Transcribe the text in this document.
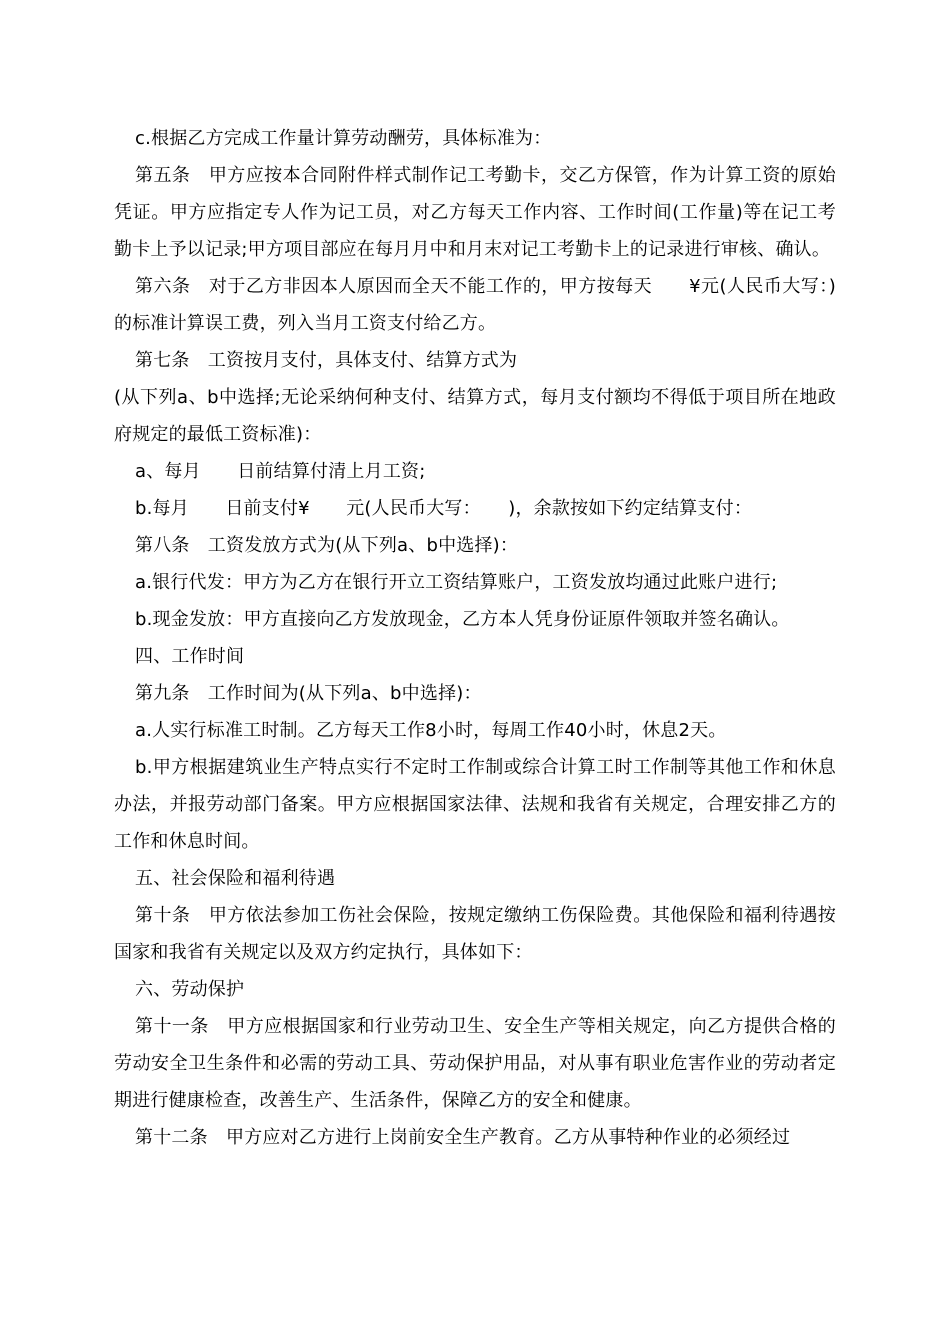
c.根据乙方完成工作量计算劳动酬劳，具体标准为：

第五条　甲方应按本合同附件样式制作记工考勤卡，交乙方保管，作为计算工资的原始凭证。甲方应指定专人作为记工员，对乙方每天工作内容、工作时间(工作量)等在记工考勤卡上予以记录;甲方项目部应在每月月中和月末对记工考勤卡上的记录进行审核、确认。

第六条　对于乙方非因本人原因而全天不能工作的，甲方按每天　　¥元(人民币大写：)的标准计算误工费，列入当月工资支付给乙方。

第七条　工资按月支付，具体支付、结算方式为

(从下列a、b中选择;无论采纳何种支付、结算方式，每月支付额均不得低于项目所在地政府规定的最低工资标准)：

a、每月　　日前结算付清上月工资;

b.每月　　日前支付¥　　元(人民币大写：　　)，余款按如下约定结算支付：

第八条　工资发放方式为(从下列a、b中选择)：

a.银行代发：甲方为乙方在银行开立工资结算账户，工资发放均通过此账户进行;

b.现金发放：甲方直接向乙方发放现金，乙方本人凭身份证原件领取并签名确认。

四、工作时间

第九条　工作时间为(从下列a、b中选择)：

a.人实行标准工时制。乙方每天工作8小时，每周工作40小时，休息2天。

b.甲方根据建筑业生产特点实行不定时工作制或综合计算工时工作制等其他工作和休息办法，并报劳动部门备案。甲方应根据国家法律、法规和我省有关规定，合理安排乙方的工作和休息时间。

五、社会保险和福利待遇

第十条　甲方依法参加工伤社会保险，按规定缴纳工伤保险费。其他保险和福利待遇按国家和我省有关规定以及双方约定执行，具体如下：

六、劳动保护

第十一条　甲方应根据国家和行业劳动卫生、安全生产等相关规定，向乙方提供合格的劳动安全卫生条件和必需的劳动工具、劳动保护用品，对从事有职业危害作业的劳动者定期进行健康检查，改善生产、生活条件，保障乙方的安全和健康。

第十二条　甲方应对乙方进行上岗前安全生产教育。乙方从事特种作业的必须经过
